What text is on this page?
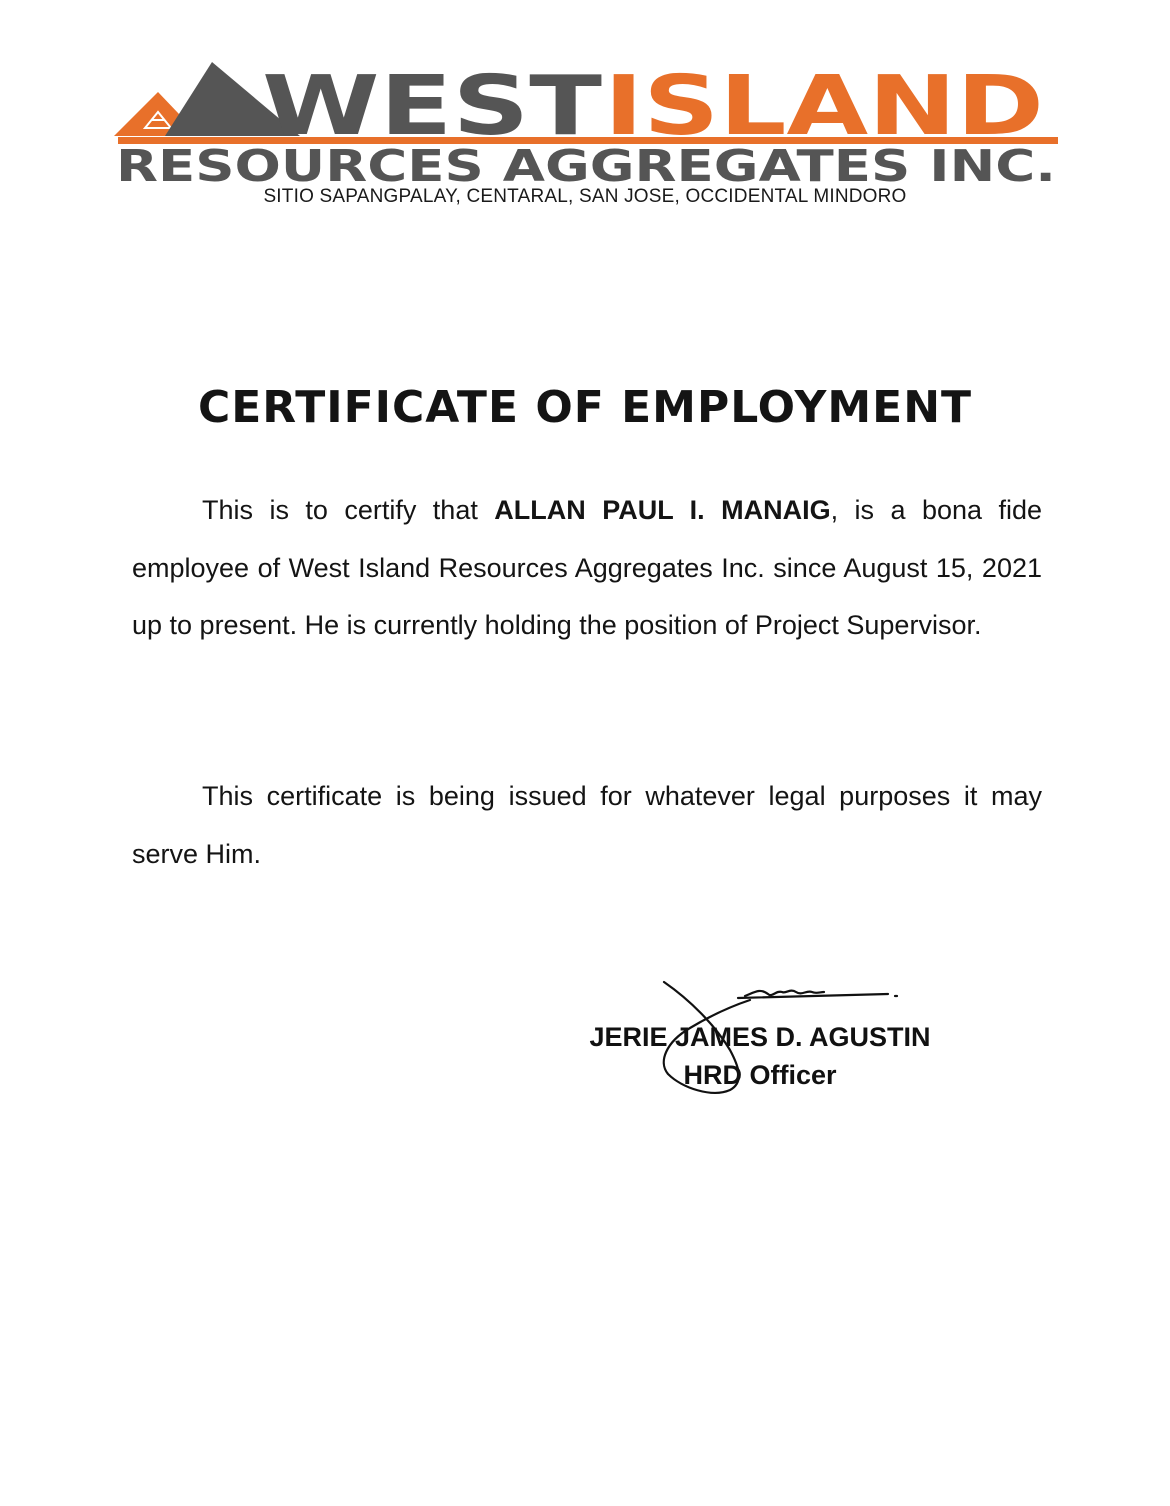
WEST ISLAND
RESOURCES AGGREGATES INC.
SITIO SAPANGPALAY, CENTARAL, SAN JOSE, OCCIDENTAL MINDORO
CERTIFICATE OF EMPLOYMENT

This is to certify that ALLAN PAUL I. MANAIG, is a bona fide employee of West Island Resources Aggregates Inc. since August 15, 2021 up to present. He is currently holding the position of Project Supervisor.

This certificate is being issued for whatever legal purposes it may serve Him.

JERIE JAMES D. AGUSTIN
HRD Officer
